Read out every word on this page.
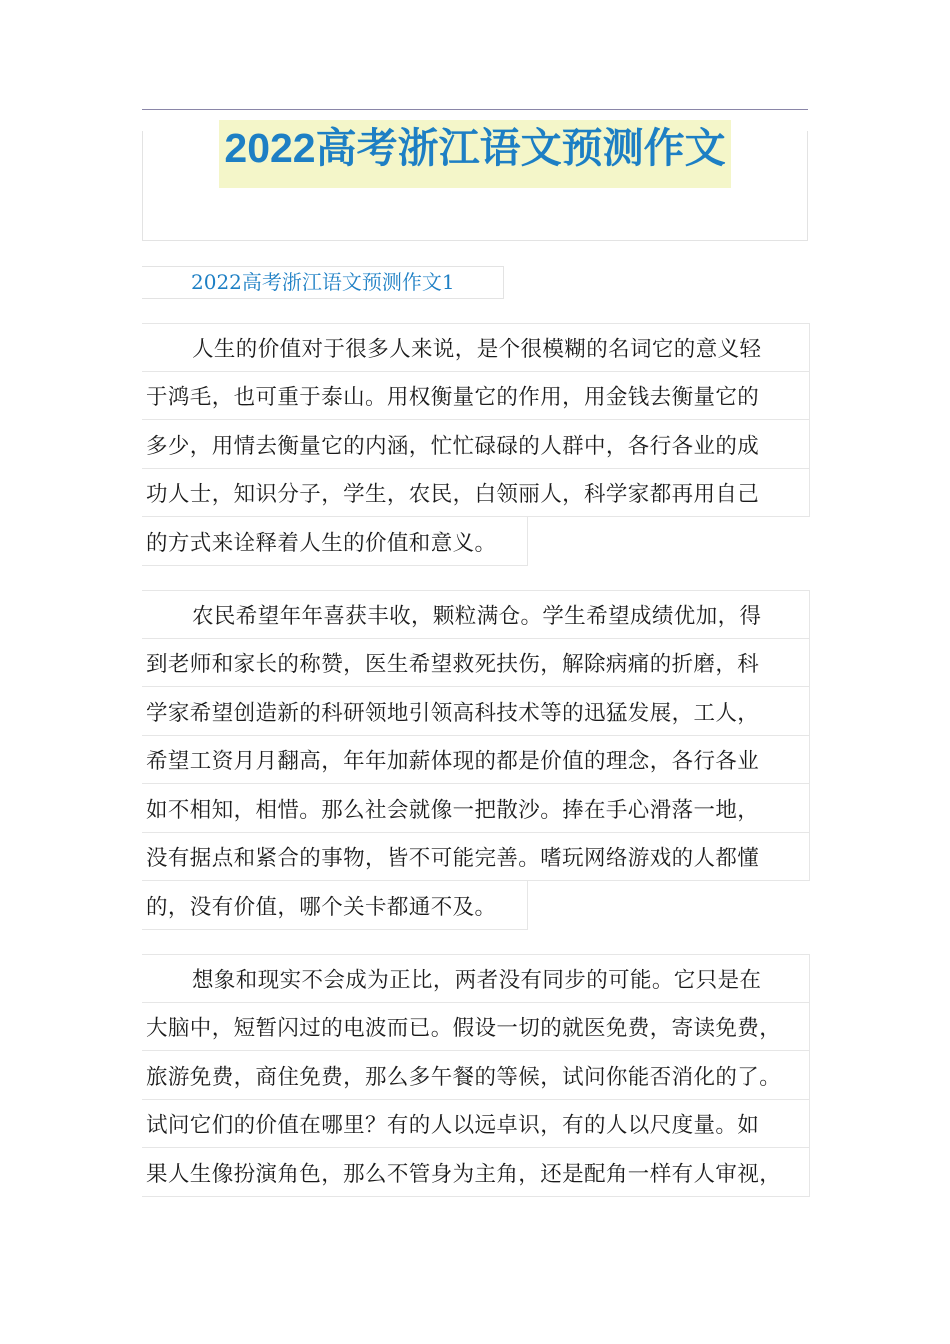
2022高考浙江语文预测作文
2022高考浙江语文预测作文1
人生的价值对于很多人来说，是个很模糊的名词它的意义轻
于鸿毛，也可重于泰山。用权衡量它的作用，用金钱去衡量它的
多少，用情去衡量它的内涵，忙忙碌碌的人群中，各行各业的成
功人士，知识分子，学生，农民，白领丽人，科学家都再用自己
的方式来诠释着人生的价值和意义。
农民希望年年喜获丰收，颗粒满仓。学生希望成绩优加，得
到老师和家长的称赞，医生希望救死扶伤，解除病痛的折磨，科
学家希望创造新的科研领地引领高科技术等的迅猛发展，工人，
希望工资月月翻高，年年加薪体现的都是价值的理念，各行各业
如不相知，相惜。那么社会就像一把散沙。捧在手心滑落一地，
没有据点和紧合的事物，皆不可能完善。嗜玩网络游戏的人都懂
的，没有价值，哪个关卡都通不及。
想象和现实不会成为正比，两者没有同步的可能。它只是在
大脑中，短暂闪过的电波而已。假设一切的就医免费，寄读免费，
旅游免费，商住免费，那么多午餐的等候，试问你能否消化的了。
试问它们的价值在哪里？有的人以远卓识，有的人以尺度量。如
果人生像扮演角色，那么不管身为主角，还是配角一样有人审视，
